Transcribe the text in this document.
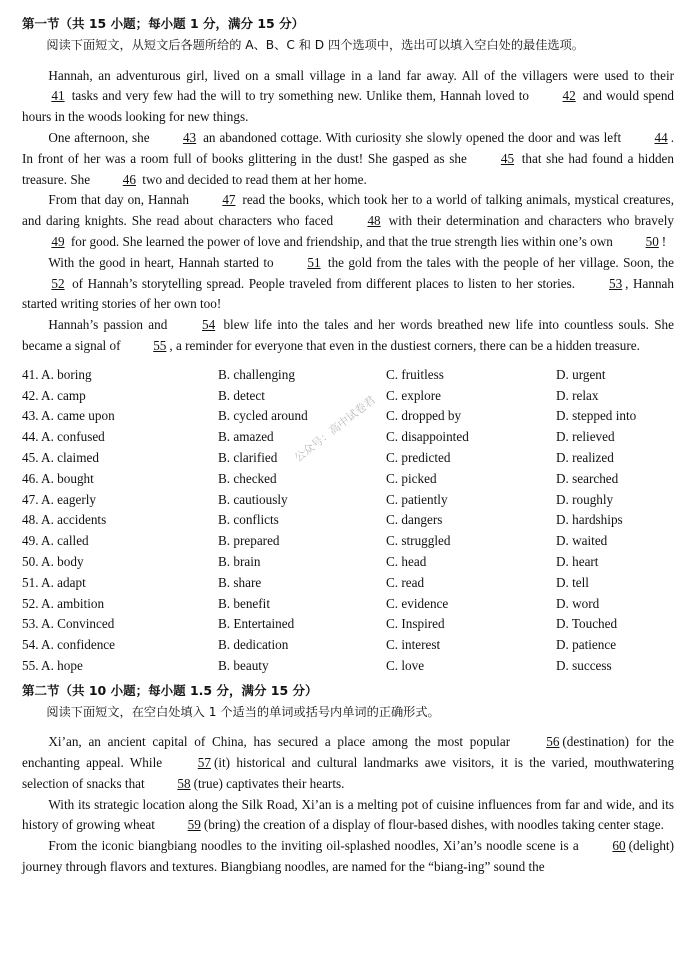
第一节（共 15 小题；每小题 1 分，满分 15 分）
阅读下面短文，从短文后各题所给的 A、B、C 和 D 四个选项中，选出可以填入空白处的最佳选项。

Hannah, an adventurous girl, lived on a small village in a land far away. All of the villagers were used to their 41 tasks and very few had the will to try something new. Unlike them, Hannah loved to 42 and would spend hours in the woods looking for new things.

One afternoon, she 43 an abandoned cottage. With curiosity she slowly opened the door and was left 44 . In front of her was a room full of books glittering in the dust! She gasped as she 45 that she had found a hidden treasure. She 46 two and decided to read them at her home.

From that day on, Hannah 47 read the books, which took her to a world of talking animals, mystical creatures, and daring knights. She read about characters who faced 48 with their determination and characters who bravely 49 for good. She learned the power of love and friendship, and that the true strength lies within one’s own 50 !

With the good in heart, Hannah started to 51 the gold from the tales with the people of her village. Soon, the 52 of Hannah’s storytelling spread. People traveled from different places to listen to her stories. 53 , Hannah started writing stories of her own too!

Hannah’s passion and 54 blew life into the tales and her words breathed new life into countless souls. She became a signal of 55 , a reminder for everyone that even in the dustiest corners, there can be a hidden treasure.

41. A. boring	B. challenging	C. fruitless	D. urgent
42. A. camp	B. detect	C. explore	D. relax
43. A. came upon	B. cycled around	C. dropped by	D. stepped into
44. A. confused	B. amazed	C. disappointed	D. relieved
45. A. claimed	B. clarified	C. predicted	D. realized
46. A. bought	B. checked	C. picked	D. searched
47. A. eagerly	B. cautiously	C. patiently	D. roughly
48. A. accidents	B. conflicts	C. dangers	D. hardships
49. A. called	B. prepared	C. struggled	D. waited
50. A. body	B. brain	C. head	D. heart
51. A. adapt	B. share	C. read	D. tell
52. A. ambition	B. benefit	C. evidence	D. word
53. A. Convinced	B. Entertained	C. Inspired	D. Touched
54. A. confidence	B. dedication	C. interest	D. patience
55. A. hope	B. beauty	C. love	D. success
第二节（共 10 小题；每小题 1.5 分，满分 15 分）
阅读下面短文，在空白处填入 1 个适当的单词或括号内单词的正确形式。

Xi’an, an ancient capital of China, has secured a place among the most popular 56 (destination) for the enchanting appeal. While 57 (it) historical and cultural landmarks awe visitors, it is the varied, mouthwatering selection of snacks that 58 (true) captivates their hearts.

With its strategic location along the Silk Road, Xi’an is a melting pot of cuisine influences from far and wide, and its history of growing wheat 59 (bring) the creation of a display of flour-based dishes, with noodles taking center stage.

From the iconic biangbiang noodles to the inviting oil-splashed noodles, Xi’an’s noodle scene is a 60 (delight) journey through flavors and textures. Biangbiang noodles, are named for the “biang-ing” sound the

公众号：高中试卷君
